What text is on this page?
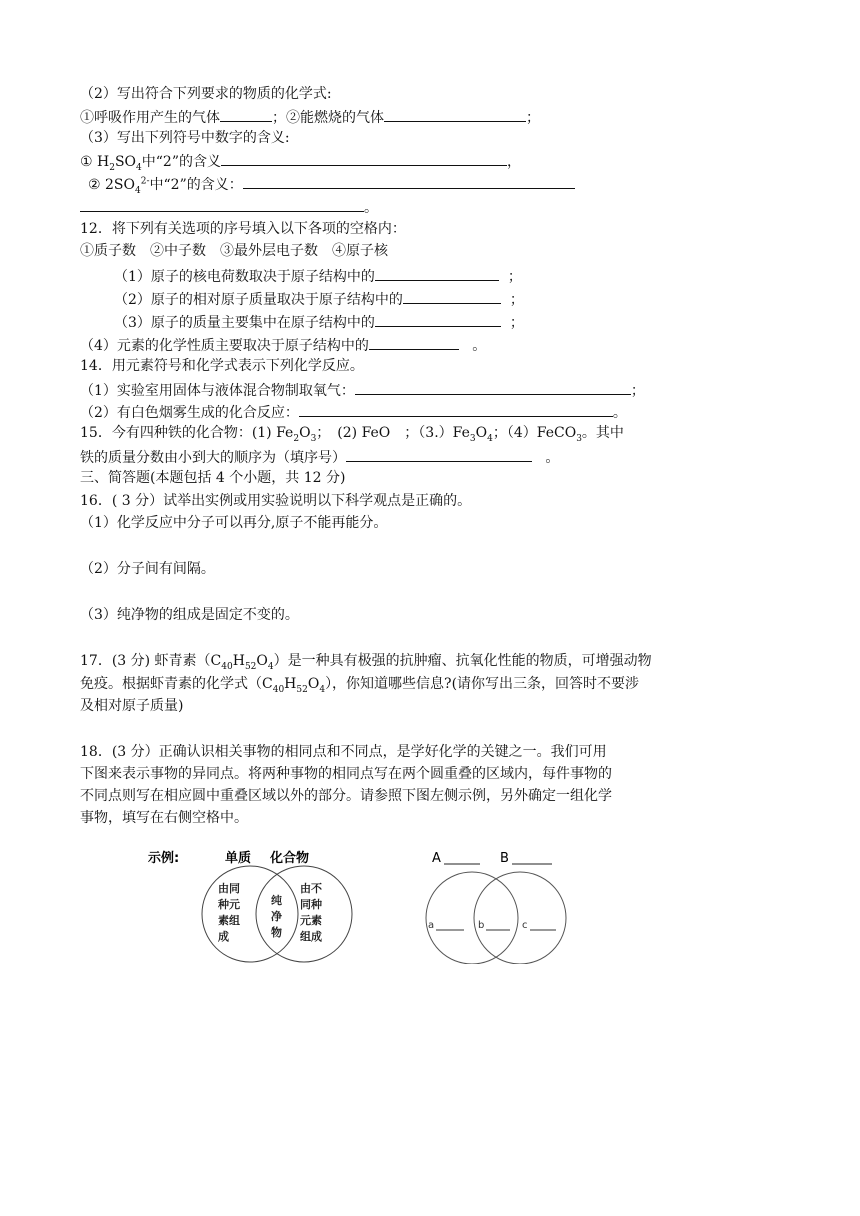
（2）写出符合下列要求的物质的化学式:
①呼吸作用产生的气体	；②能燃烧的气体	；
（3）写出下列符号中数字的含义:
① $H_2SO_4$中“2”的含义	，
② $2SO_4^{2-}$中“2”的含义：
。
12．将下列有关选项的序号填入以下各项的空格内：
①质子数　②中子数　③最外层电子数　④原子核
（1）原子的核电荷数取决于原子结构中的	；
（2）原子的相对原子质量取决于原子结构中的	；
（3）原子的质量主要集中在原子结构中的	；
（4）元素的化学性质主要取决于原子结构中的	。
14．用元素符号和化学式表示下列化学反应。
（1）实验室用固体与液体混合物制取氧气：	；
（2）有白色烟雾生成的化合反应：	。
15．今有四种铁的化合物：(1) $Fe_2O_3$；　(2) FeO　；$(3.)Fe_3O_4$；（4）FeCO$_3$。其中
铁的质量分数由小到大的顺序为（填序号）	。
三、简答题(本题包括 4 个小题，共 12 分)
16．( 3 分）试举出实例或用实验说明以下科学观点是正确的。
（1）化学反应中分子可以再分,原子不能再能分。
（2）分子间有间隔。
（3）纯净物的组成是固定不变的。
17．(3 分) 虾青素$(C_{40}H_{52}O_4)$是一种具有极强的抗肿瘤、抗氧化性能的物质，可增强动物
免疫。根据虾青素的化学式$(C_{40}H_{52}O_4)$，你知道哪些信息?(请你写出三条，回答时不要涉
及相对原子质量)
18．(3 分）正确认识相关事物的相同点和不同点，是学好化学的关键之一。我们可用
下图来表示事物的异同点。将两种事物的相同点写在两个圆重叠的区域内，每件事物的
不同点则写在相应圆中重叠区域以外的部分。请参照下图左侧示例，另外确定一组化学
事物，填写在右侧空格中。
示例:	单质 化合物
由同
种元
素组
成
纯
净
物
由不
同种
元素
组成
A	B
a	b	c
